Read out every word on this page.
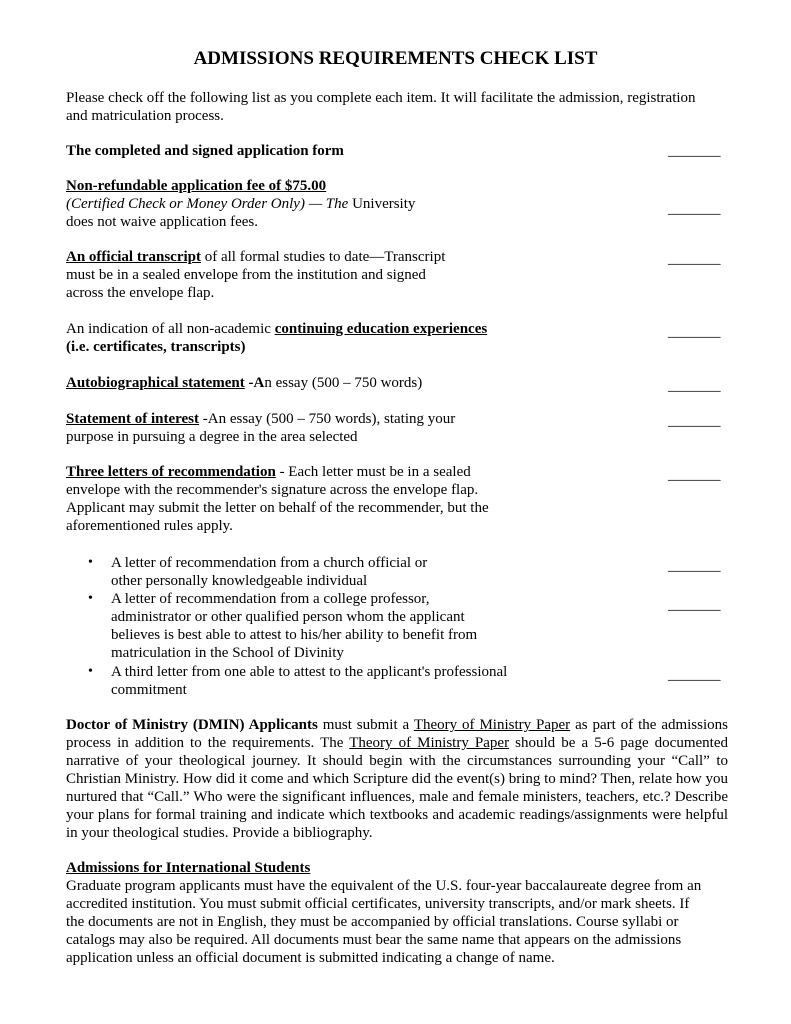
ADMISSIONS REQUIREMENTS CHECK LIST
Please check off the following list as you complete each item. It will facilitate the admission, registration
and matriculation process.
The completed and signed application form	_______
Non-refundable application fee of $75.00
(Certified Check or Money Order Only) — The University
does not waive application fees.
_______
An official transcript of all formal studies to date—Transcript
must be in a sealed envelope from the institution and signed
across the envelope flap.
_______
An indication of all non-academic continuing education experiences
(i.e. certificates, transcripts)
_______
Autobiographical statement -An essay (500 – 750 words)	_______
Statement of interest -An essay (500 – 750 words), stating your
purpose in pursuing a degree in the area selected
_______
Three letters of recommendation - Each letter must be in a sealed
envelope with the recommender's signature across the envelope flap.
Applicant may submit the letter on behalf of the recommender, but the
aforementioned rules apply.
_______
• A letter of recommendation from a church official or
other personally knowledgeable individual
_______
• A letter of recommendation from a college professor,
administrator or other qualified person whom the applicant
believes is best able to attest to his/her ability to benefit from
matriculation in the School of Divinity
_______
• A third letter from one able to attest to the applicant's professional
commitment
_______

Doctor of Ministry (DMIN) Applicants must submit a Theory of Ministry Paper as part of the admissions process in addition to the requirements. The Theory of Ministry Paper should be a 5-6 page documented narrative of your theological journey. It should begin with the circumstances surrounding your “Call” to Christian Ministry. How did it come and which Scripture did the event(s) bring to mind? Then, relate how you nurtured that “Call.” Who were the significant influences, male and female ministers, teachers, etc.? Describe your plans for formal training and indicate which textbooks and academic readings/assignments were helpful in your theological studies. Provide a bibliography.

Admissions for International Students
Graduate program applicants must have the equivalent of the U.S. four-year baccalaureate degree from an
accredited institution. You must submit official certificates, university transcripts, and/or mark sheets. If
the documents are not in English, they must be accompanied by official translations. Course syllabi or
catalogs may also be required. All documents must bear the same name that appears on the admissions
application unless an official document is submitted indicating a change of name.
